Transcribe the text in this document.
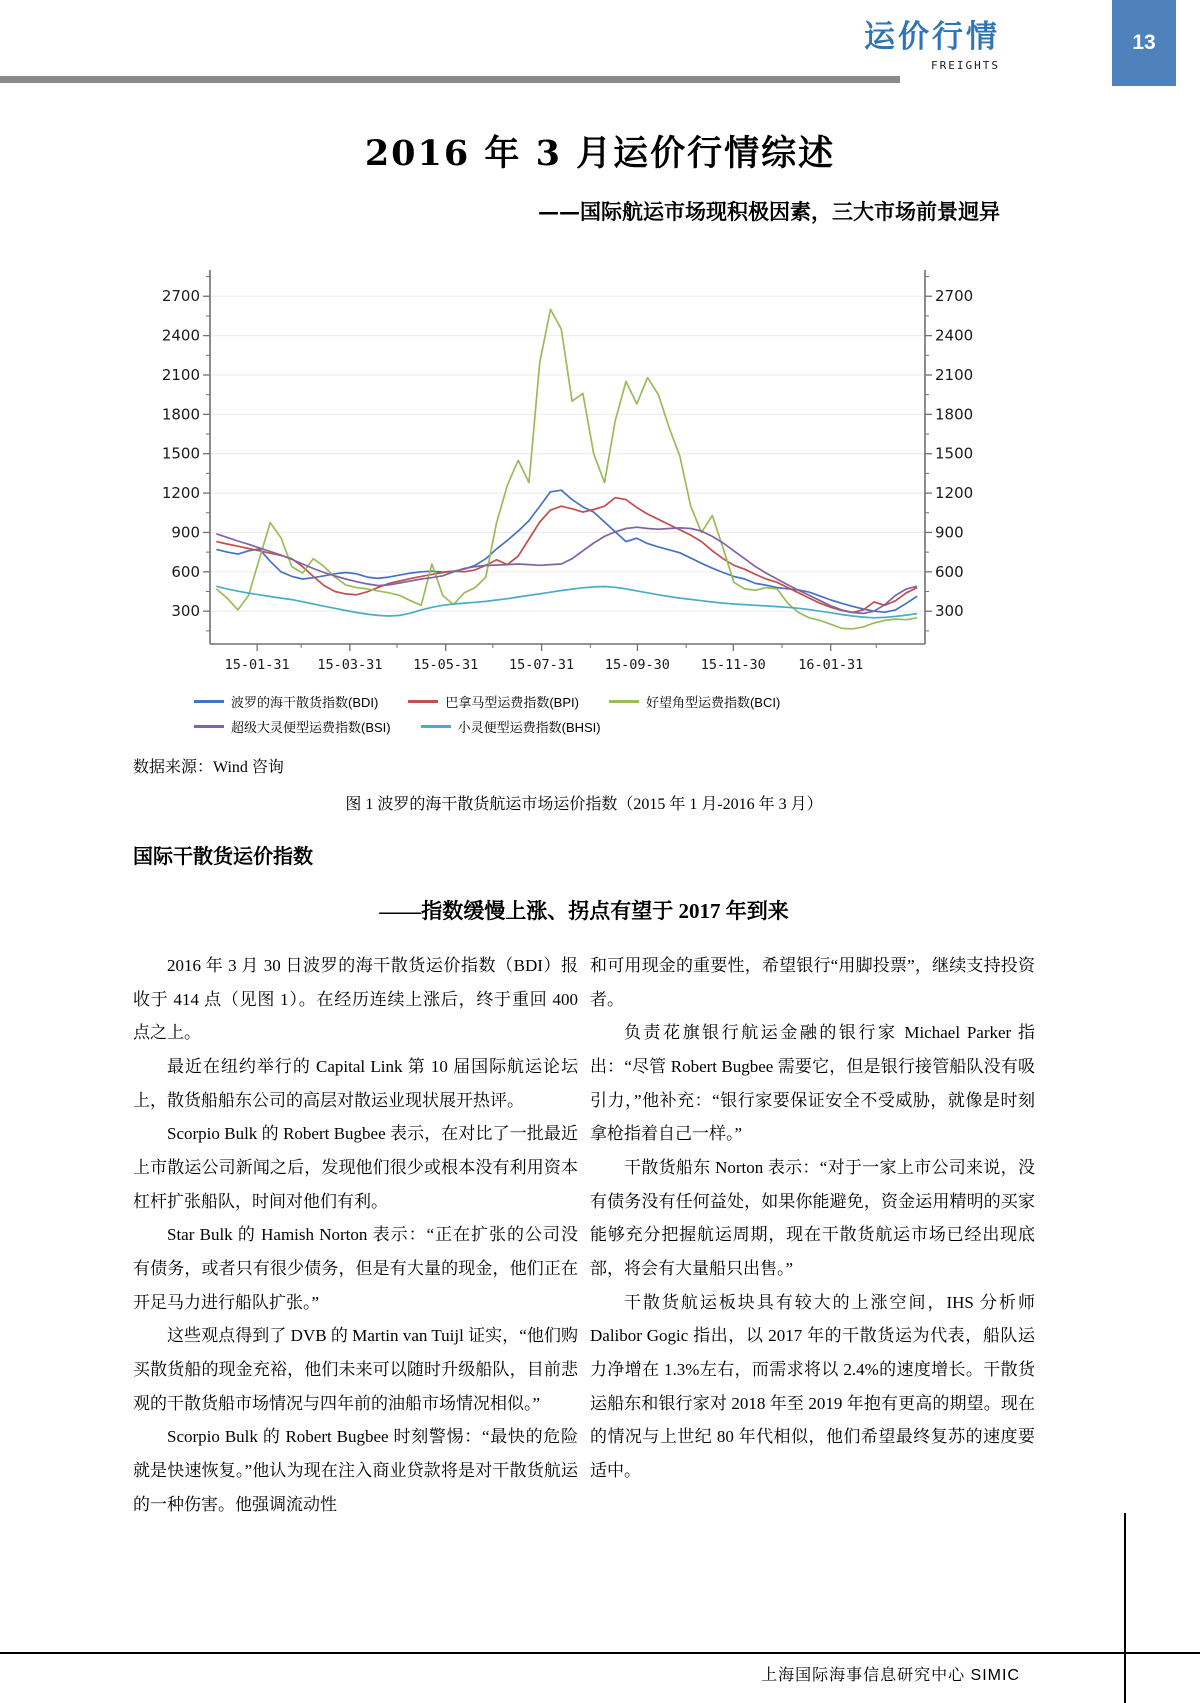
运价行情
FREIGHTS
13
2016 年 3 月运价行情综述
——国际航运市场现积极因素，三大市场前景迥异
300	300
600	600
900	900
1200	1200
1500	1500
1800	1800
2100	2100
2400	2400
2700	2700
15-01-31 15-03-31 15-05-31 15-07-31 15-09-30 15-11-30 16-01-31
波罗的海干散货指数(BDI)	巴拿马型运费指数(BPI)	好望角型运费指数(BCI)
超级大灵便型运费指数(BSI)	小灵便型运费指数(BHSI)
数据来源：Wind 咨询
图 1 波罗的海干散货航运市场运价指数（2015 年 1 月-2016 年 3 月）
国际干散货运价指数
——指数缓慢上涨、拐点有望于 2017 年到来

2016 年 3 月 30 日波罗的海干散货运价指数（BDI）报收于 414 点（见图 1）。在经历连续上涨后，终于重回 400 点之上。

最近在纽约举行的 Capital Link 第 10 届国际航运论坛上，散货船船东公司的高层对散运业现状展开热评。

Scorpio Bulk 的 Robert Bugbee 表示，在对比了一批最近上市散运公司新闻之后，发现他们很少或根本没有利用资本杠杆扩张船队，时间对他们有利。

Star Bulk 的 Hamish Norton 表示：“正在扩张的公司没有债务，或者只有很少债务，但是有大量的现金，他们正在开足马力进行船队扩张。”

这些观点得到了 DVB 的 Martin van Tuijl 证实，“他们购买散货船的现金充裕，他们未来可以随时升级船队，目前悲观的干散货船市场情况与四年前的油船市场情况相似。”

Scorpio Bulk 的 Robert Bugbee 时刻警惕：“最快的危险就是快速恢复。”他认为现在注入商业贷款将是对干散货航运的一种伤害。他强调流动性

和可用现金的重要性，希望银行“用脚投票”，继续支持投资者。

负责花旗银行航运金融的银行家 Michael Parker 指出：“尽管 Robert Bugbee 需要它，但是银行接管船队没有吸引力，”他补充：“银行家要保证安全不受威胁，就像是时刻拿枪指着自己一样。”

干散货船东 Norton 表示：“对于一家上市公司来说，没有债务没有任何益处，如果你能避免，资金运用精明的买家能够充分把握航运周期，现在干散货航运市场已经出现底部，将会有大量船只出售。”

干散货航运板块具有较大的上涨空间，IHS 分析师 Dalibor Gogic 指出，以 2017 年的干散货运为代表，船队运力净增在 1.3%左右，而需求将以 2.4%的速度增长。干散货运船东和银行家对 2018 年至 2019 年抱有更高的期望。现在的情况与上世纪 80 年代相似，他们希望最终复苏的速度要适中。

上海国际海事信息研究中心 SIMIC
